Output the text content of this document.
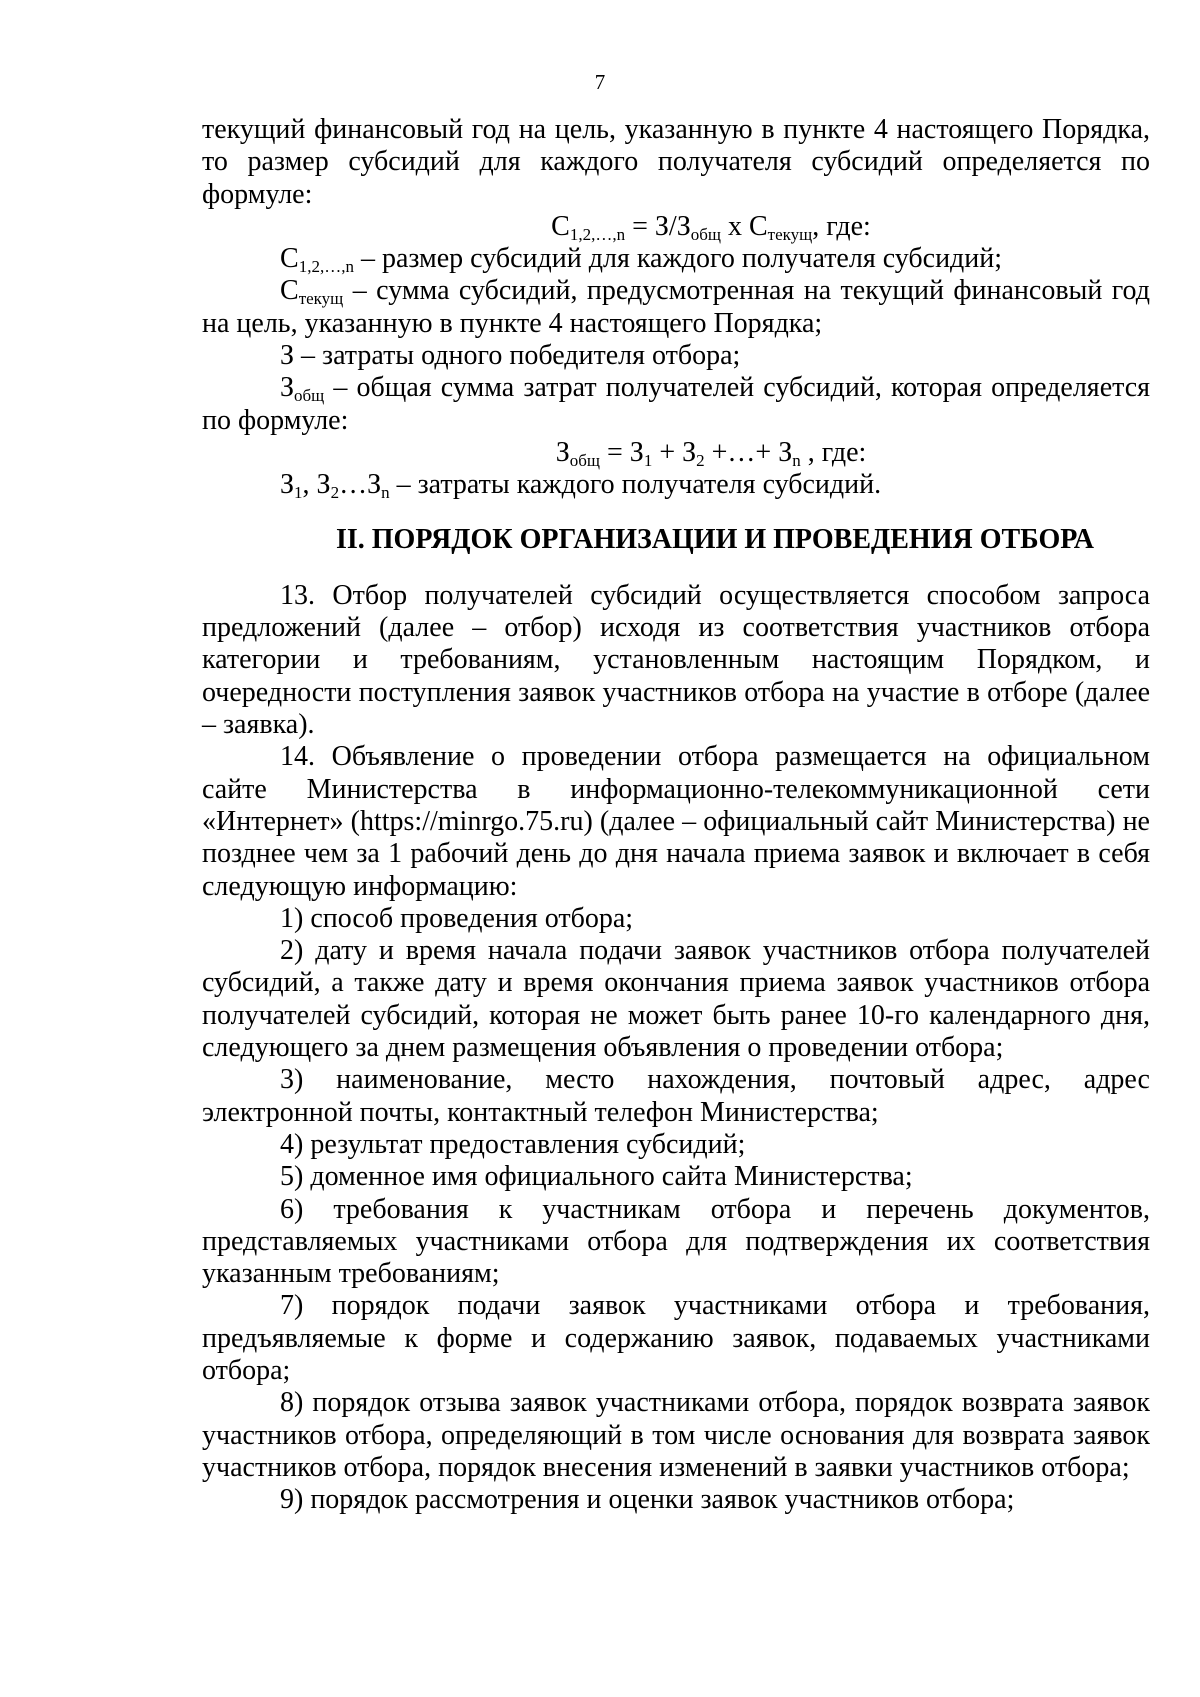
7

текущий финансовый год на цель, указанную в пункте 4 настоящего Порядка, то размер субсидий для каждого получателя субсидий определяется по формуле:

$С_{1,2,\dots,n} = З/З_{общ}$ х $С_{текущ}$, где:

$С_{1,2,\dots,n}$ – размер субсидий для каждого получателя субсидий;

$С_{текущ}$ – сумма субсидий, предусмотренная на текущий финансовый год на цель, указанную в пункте 4 настоящего Порядка;

З – затраты одного победителя отбора;

$З_{общ}$ – общая сумма затрат получателей субсидий, которая определяется по формуле:

$З_{общ} = З_1 + З_2$ +…+ $З_n$ , где:

$З_1$, $З_2\dots З_n$ – затраты каждого получателя субсидий.

II. ПОРЯДОК ОРГАНИЗАЦИИ И ПРОВЕДЕНИЯ ОТБОРА

13. Отбор получателей субсидий осуществляется способом запроса предложений (далее – отбор) исходя из соответствия участников отбора категории и требованиям, установленным настоящим Порядком, и очередности поступления заявок участников отбора на участие в отборе (далее – заявка).

14. Объявление о проведении отбора размещается на официальном сайте Министерства в информационно-телекоммуникационной сети «Интернет» (https://minrgo.75.ru) (далее – официальный сайт Министерства) не позднее чем за 1 рабочий день до дня начала приема заявок и включает в себя следующую информацию:

1) способ проведения отбора;

2) дату и время начала подачи заявок участников отбора получателей субсидий, а также дату и время окончания приема заявок участников отбора получателей субсидий, которая не может быть ранее 10-го календарного дня, следующего за днем размещения объявления о проведении отбора;

3) наименование, место нахождения, почтовый адрес, адрес электронной почты, контактный телефон Министерства;

4) результат предоставления субсидий;

5) доменное имя официального сайта Министерства;

6) требования к участникам отбора и перечень документов, представляемых участниками отбора для подтверждения их соответствия указанным требованиям;

7) порядок подачи заявок участниками отбора и требования, предъявляемые к форме и содержанию заявок, подаваемых участниками отбора;

8) порядок отзыва заявок участниками отбора, порядок возврата заявок участников отбора, определяющий в том числе основания для возврата заявок участников отбора, порядок внесения изменений в заявки участников отбора;

9) порядок рассмотрения и оценки заявок участников отбора;
